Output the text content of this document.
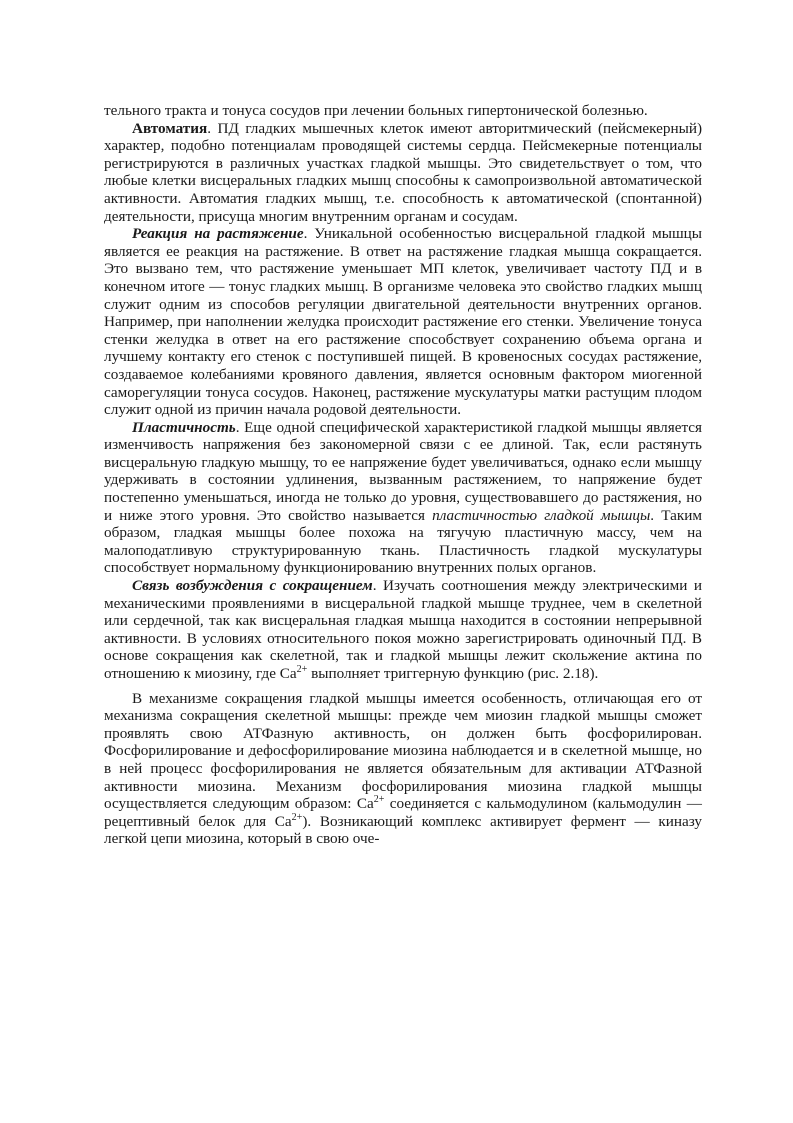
тельного тракта и тонуса сосудов при лечении больных гипертонической болезнью.

Автоматия. ПД гладких мышечных клеток имеют авторитмический (пейсмекерный) характер, подобно потенциалам проводящей системы сердца. Пейсмекерные потенциалы регистрируются в различных участках гладкой мышцы. Это свидетельствует о том, что любые клетки висцеральных гладких мышц способны к самопроизвольной автоматической активности. Автоматия гладких мышц, т.е. способность к автоматической (спонтанной) деятельности, присуща многим внутренним органам и сосудам.

Реакция на растяжение. Уникальной особенностью висцеральной гладкой мышцы является ее реакция на растяжение. В ответ на растяжение гладкая мышца сокращается. Это вызвано тем, что растяжение уменьшает МП клеток, увеличивает частоту ПД и в конечном итоге — тонус гладких мышц. В организме человека это свойство гладких мышц служит одним из способов регуляции двигательной деятельности внутренних органов. Например, при наполнении желудка происходит растяжение его стенки. Увеличение тонуса стенки желудка в ответ на его растяжение способствует сохранению объема органа и лучшему контакту его стенок с поступившей пищей. В кровеносных сосудах растяжение, создаваемое колебаниями кровяного давления, является основным фактором миогенной саморегуляции тонуса сосудов. Наконец, растяжение мускулатуры матки растущим плодом служит одной из причин начала родовой деятельности.

Пластичность. Еще одной специфической характеристикой гладкой мышцы является изменчивость напряжения без закономерной связи с ее длиной. Так, если растянуть висцеральную гладкую мышцу, то ее напряжение будет увеличиваться, однако если мышцу удерживать в состоянии удлинения, вызванным растяжением, то напряжение будет постепенно уменьшаться, иногда не только до уровня, существовавшего до растяжения, но и ниже этого уровня. Это свойство называется пластичностью гладкой мышцы. Таким образом, гладкая мышцы более похожа на тягучую пластичную массу, чем на малоподатливую структурированную ткань. Пластичность гладкой мускулатуры способствует нормальному функционированию внутренних полых органов.

Связь возбуждения с сокращением. Изучать соотношения между электрическими и механическими проявлениями в висцеральной гладкой мышце труднее, чем в скелетной или сердечной, так как висцеральная гладкая мышца находится в состоянии непрерывной активности. В условиях относительного покоя можно зарегистрировать одиночный ПД. В основе сокращения как скелетной, так и гладкой мышцы лежит скольжение актина по отношению к миозину, где $Ca^{2+}$ выполняет триггерную функцию (рис. 2.18).

В механизме сокращения гладкой мышцы имеется особенность, отличающая его от механизма сокращения скелетной мышцы: прежде чем миозин гладкой мышцы сможет проявлять свою АТФазную активность, он должен быть фосфорилирован. Фосфорилирование и дефосфорилирование миозина наблюдается и в скелетной мышце, но в ней процесс фосфорилирования не является обязательным для активации АТФазной активности миозина. Механизм фосфорилирования миозина гладкой мышцы осуществляется следующим образом: $Ca^{2+}$ соединяется с кальмодулином (кальмодулин — рецептивный белок для $Ca^{2+}$). Возникающий комплекс активирует фермент — киназу легкой цепи миозина, который в свою оче-
